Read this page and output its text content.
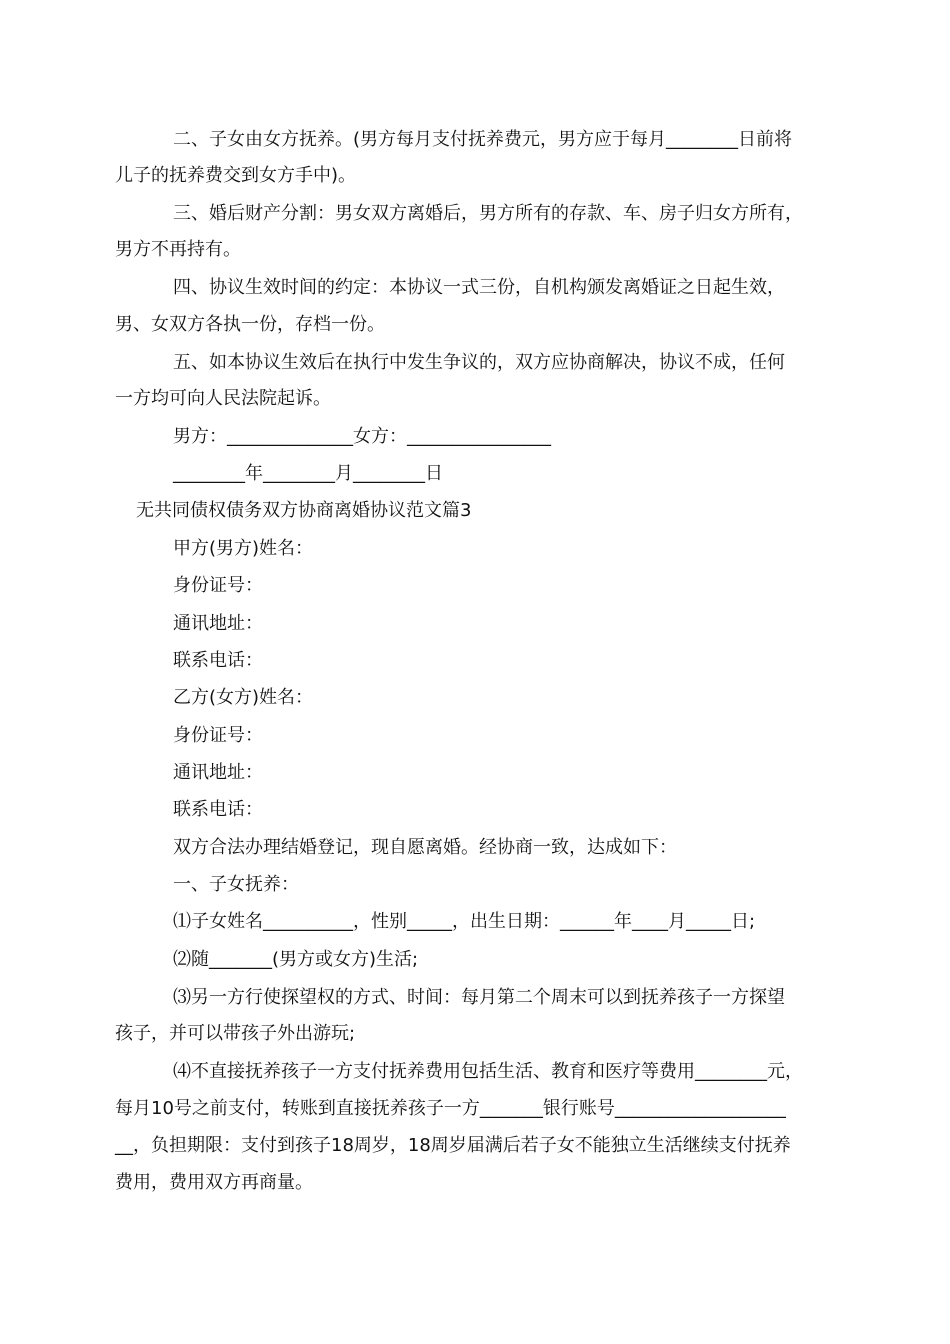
二、子女由女方抚养。(男方每月支付抚养费元，男方应于每月________日前将
儿子的抚养费交到女方手中)。
三、婚后财产分割：男女双方离婚后，男方所有的存款、车、房子归女方所有，
男方不再持有。
四、协议生效时间的约定：本协议一式三份，自机构颁发离婚证之日起生效，
男、女双方各执一份，存档一份。
五、如本协议生效后在执行中发生争议的，双方应协商解决，协议不成，任何
一方均可向人民法院起诉。
男方：______________女方：________________
________年________月________日
无共同债权债务双方协商离婚协议范文篇3
甲方(男方)姓名：
身份证号：
通讯地址：
联系电话：
乙方(女方)姓名：
身份证号：
通讯地址：
联系电话：
双方合法办理结婚登记，现自愿离婚。经协商一致，达成如下：
一、子女抚养：
⑴子女姓名__________，性别_____，出生日期：______年____月_____日;
⑵随_______(男方或女方)生活;
⑶另一方行使探望权的方式、时间：每月第二个周末可以到抚养孩子一方探望
孩子，并可以带孩子外出游玩;
⑷不直接抚养孩子一方支付抚养费用包括生活、教育和医疗等费用________元，
每月10号之前支付，转账到直接抚养孩子一方_______银行账号___________________
__，负担期限：支付到孩子18周岁，18周岁届满后若子女不能独立生活继续支付抚养
费用，费用双方再商量。
